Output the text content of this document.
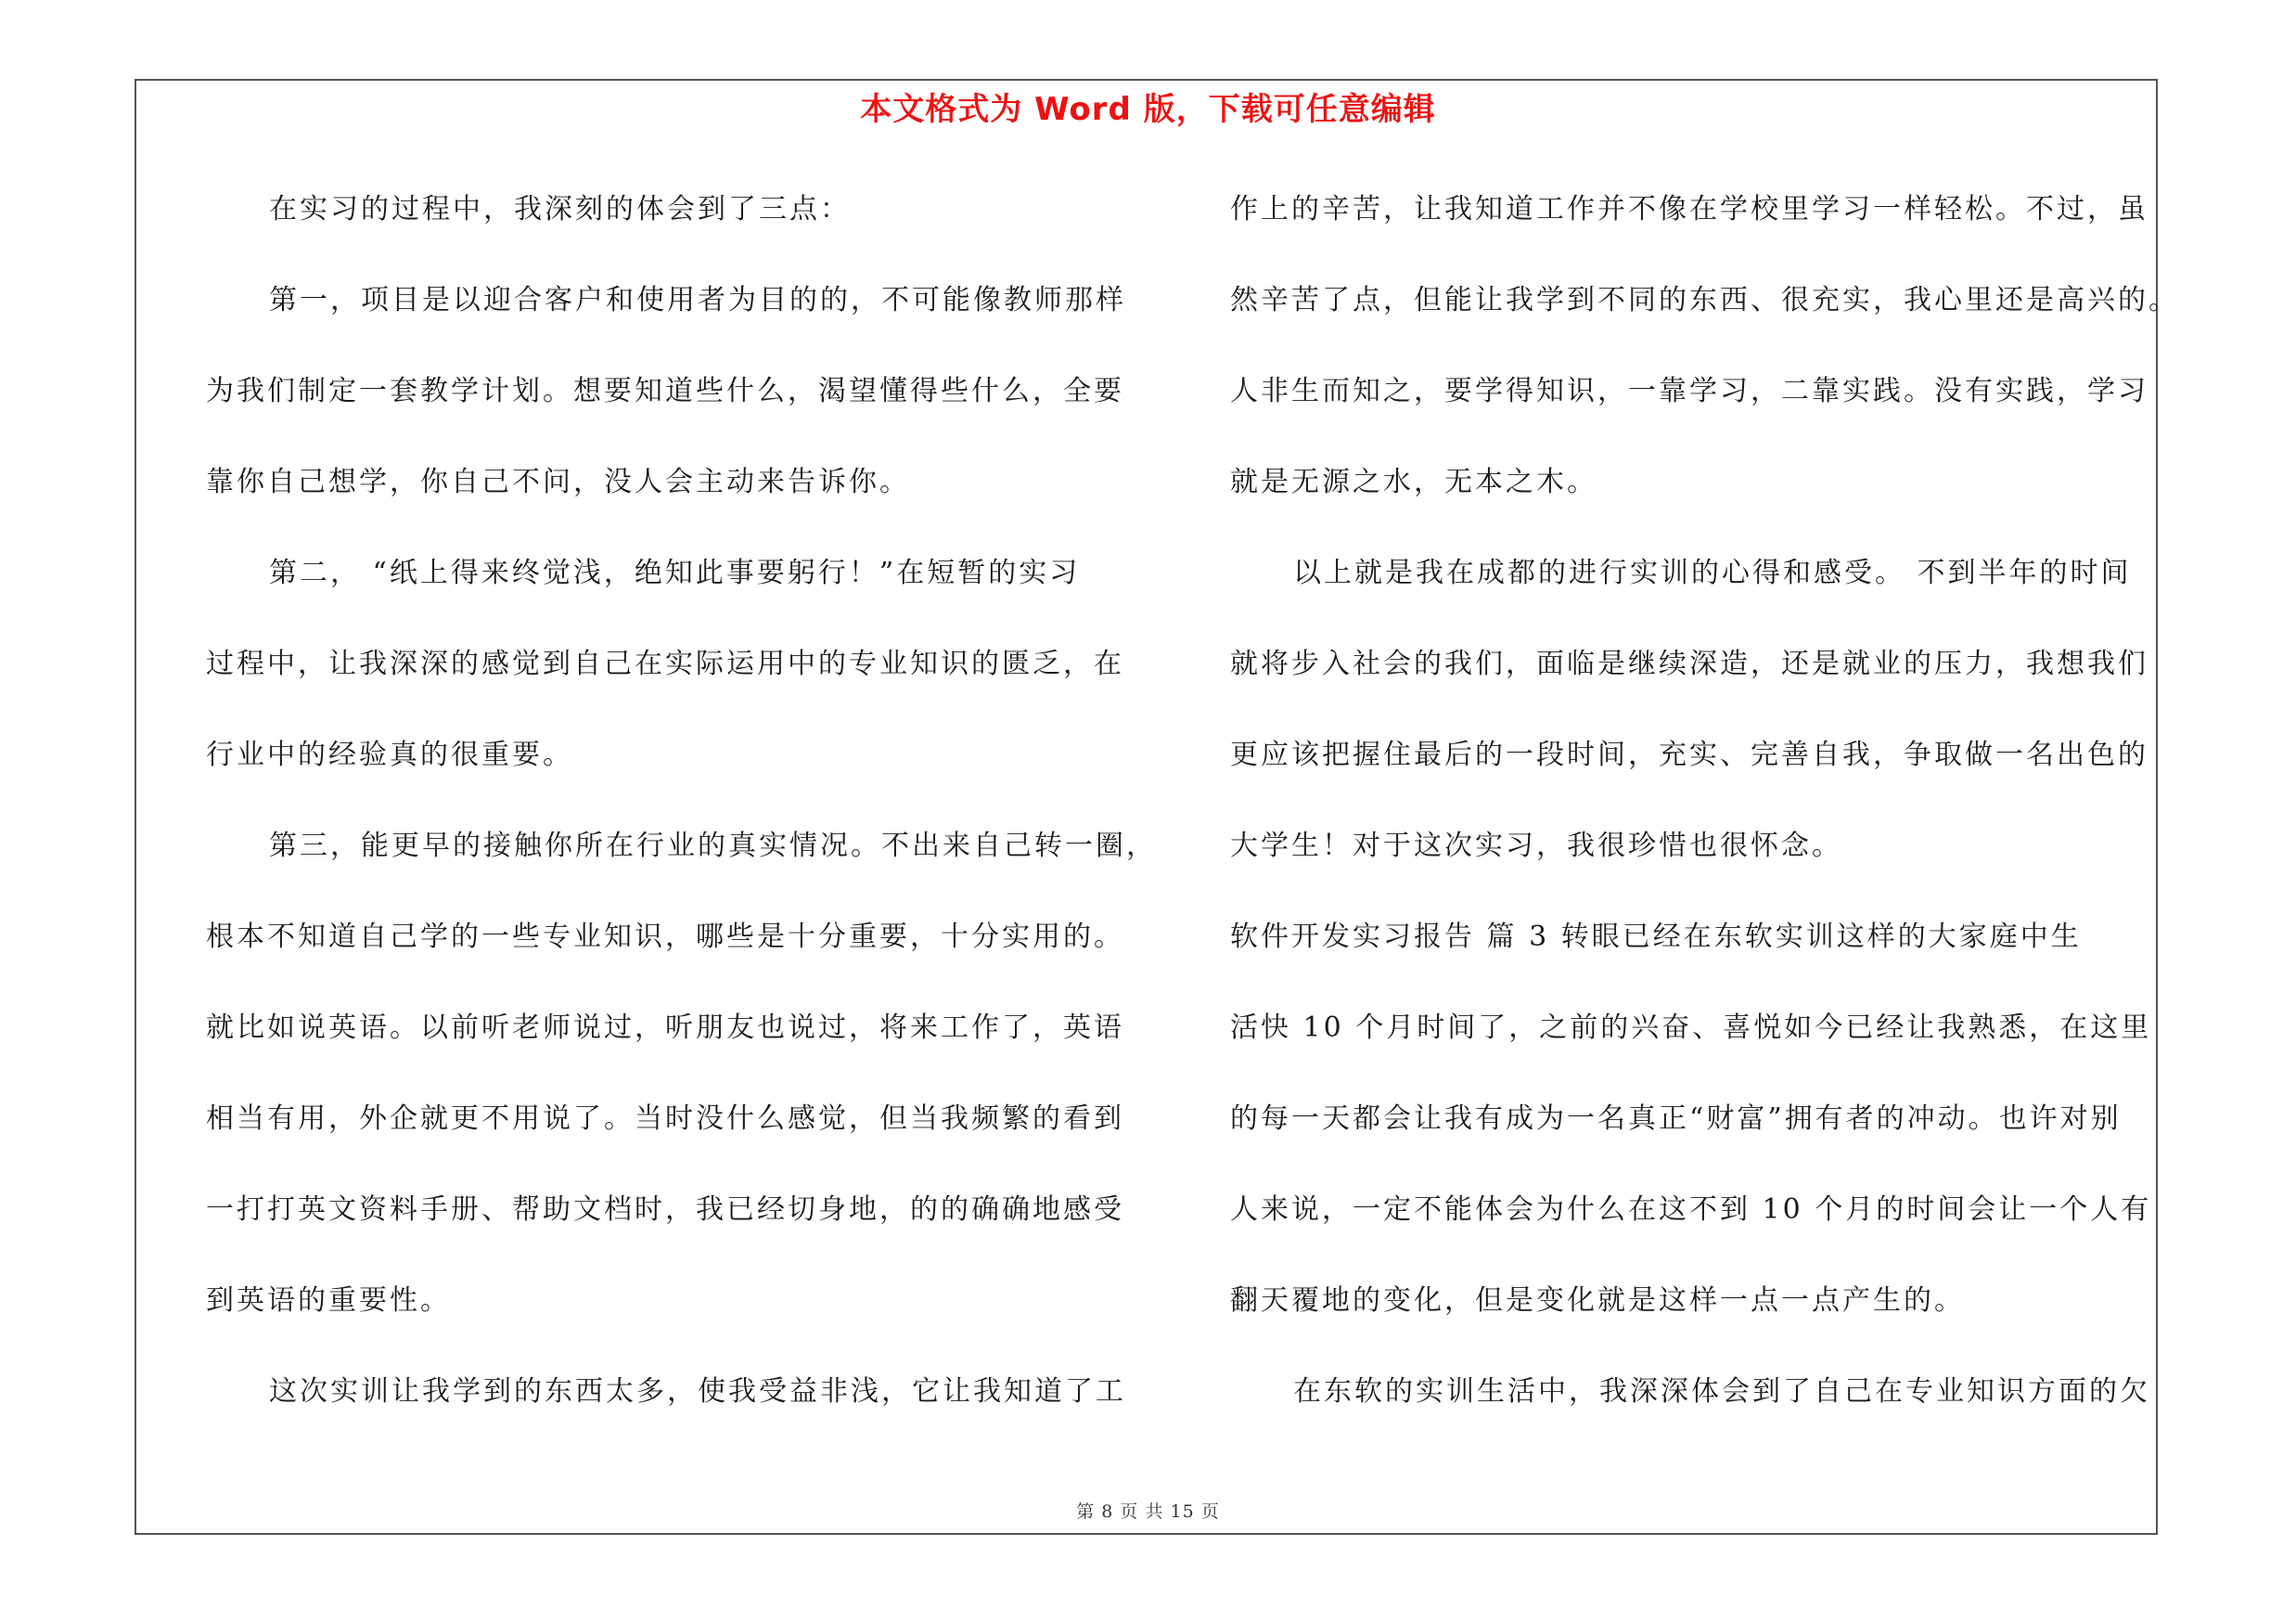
本文格式为 Word 版，下载可任意编辑
在实习的过程中，我深刻的体会到了三点：
第一，项目是以迎合客户和使用者为目的的，不可能像教师那样
为我们制定一套教学计划。想要知道些什么，渴望懂得些什么，全要
靠你自己想学，你自己不问，没人会主动来告诉你。
第二， “纸上得来终觉浅，绝知此事要躬行！”在短暂的实习
过程中，让我深深的感觉到自己在实际运用中的专业知识的匮乏，在
行业中的经验真的很重要。
第三，能更早的接触你所在行业的真实情况。不出来自己转一圈，
根本不知道自己学的一些专业知识，哪些是十分重要，十分实用的。
就比如说英语。以前听老师说过，听朋友也说过，将来工作了，英语
相当有用，外企就更不用说了。当时没什么感觉，但当我频繁的看到
一打打英文资料手册、帮助文档时，我已经切身地，的的确确地感受
到英语的重要性。
这次实训让我学到的东西太多，使我受益非浅，它让我知道了工
作上的辛苦，让我知道工作并不像在学校里学习一样轻松。不过，虽
然辛苦了点，但能让我学到不同的东西、很充实，我心里还是高兴的。
人非生而知之，要学得知识，一靠学习，二靠实践。没有实践，学习
就是无源之水，无本之木。
以上就是我在成都的进行实训的心得和感受。 不到半年的时间
就将步入社会的我们，面临是继续深造，还是就业的压力，我想我们
更应该把握住最后的一段时间，充实、完善自我，争取做一名出色的
大学生！对于这次实习，我很珍惜也很怀念。
软件开发实习报告 篇 3 转眼已经在东软实训这样的大家庭中生
活快 10 个月时间了，之前的兴奋、喜悦如今已经让我熟悉，在这里
的每一天都会让我有成为一名真正“财富”拥有者的冲动。也许对别
人来说，一定不能体会为什么在这不到 10 个月的时间会让一个人有
翻天覆地的变化，但是变化就是这样一点一点产生的。
在东软的实训生活中，我深深体会到了自己在专业知识方面的欠
第 8 页 共 15 页
